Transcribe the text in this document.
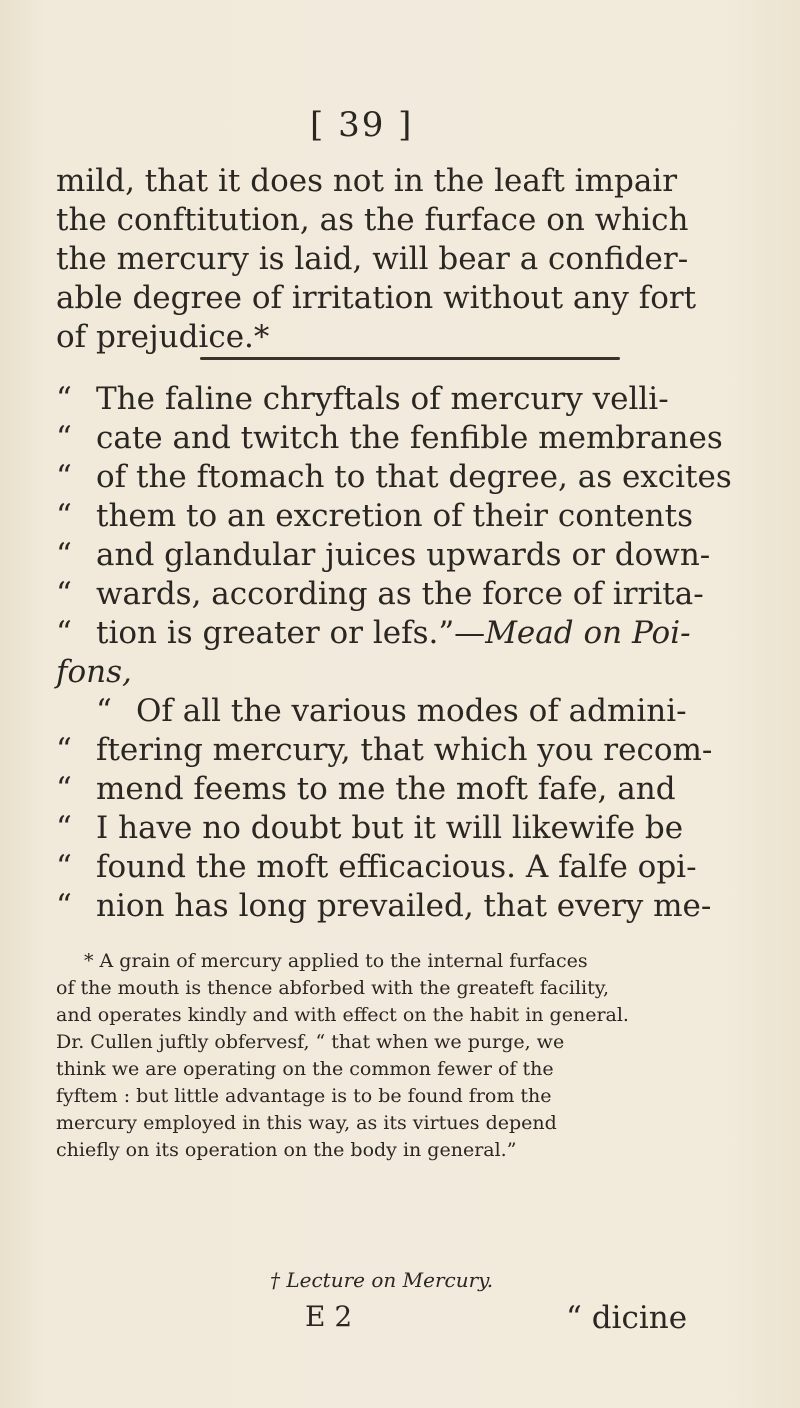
[ 39 ]
mild, that it does not in the leaft impair
the conftitution, as the furface on which
the mercury is laid, will bear a confider-
able degree of irritation without any fort
of prejudice.*
“ The faline chryftals of mercury velli-
“ cate and twitch the fenfible membranes
“ of the ftomach to that degree, as excites
“ them to an excretion of their contents
“ and glandular juices upwards or down-
“ wards, according as the force of irrita-
“ tion is greater or lefs.”—Mead on Poi-
fons,
“ Of all the various modes of admini-
“ ftering mercury, that which you recom-
“ mend feems to me the moft fafe, and
“ I have no doubt but it will likewife be
“ found the moft efficacious. A falfe opi-
“ nion has long prevailed, that every me-
* A grain of mercury applied to the internal furfaces
of the mouth is thence abforbed with the greateft facility,
and operates kindly and with effect on the habit in general.
Dr. Cullen juftly obfervesf, “ that when we purge, we
think we are operating on the common fewer of the
fyftem : but little advantage is to be found from the
mercury employed in this way, as its virtues depend
chiefly on its operation on the body in general.”
† Lecture on Mercury.
E 2	“ dicine
